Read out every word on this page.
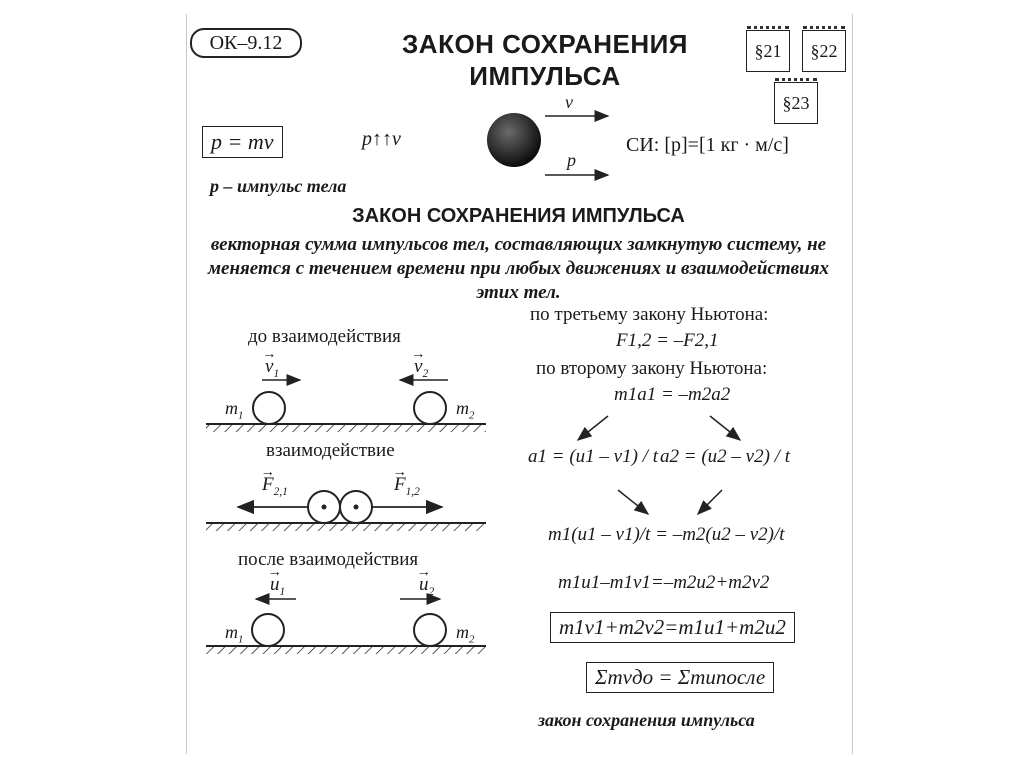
ОК–9.12	ЗАКОН СОХРАНЕНИЯ
ИМПУЛЬСА
§21	§22
§23
p = mv	p↑↑v
v
p
СИ: [p]=[1 кг · м/с]
p – импульс тела
ЗАКОН СОХРАНЕНИЯ ИМПУЛЬСА
векторная сумма импульсов тел, составляющих замкнутую систему, не меняется с течением времени при любых движениях и взаимодействиях этих тел.
до взаимодействия
взаимодействие
после взаимодействия
→ $v_1$	→ $v_2$
$m_1$	$m_2$
→ $F_{2,1}$	→ $F_{1,2}$
→ $u_1$	→ $u_2$
$m_1$	$m_2$
по третьему закону Ньютона:
F1,2 = –F2,1
по второму закону Ньютона:
m1a1 = –m2a2
a1 = (u1 – v1) / t a2 = (u2 – v2) / t
m1(u1 – v1)/t = –m2(u2 – v2)/t
m1u1–m1v1=–m2u2+m2v2
m1v1+m2v2=m1u1+m2u2
Σmvдо = Σmuпосле
закон сохранения импульса
